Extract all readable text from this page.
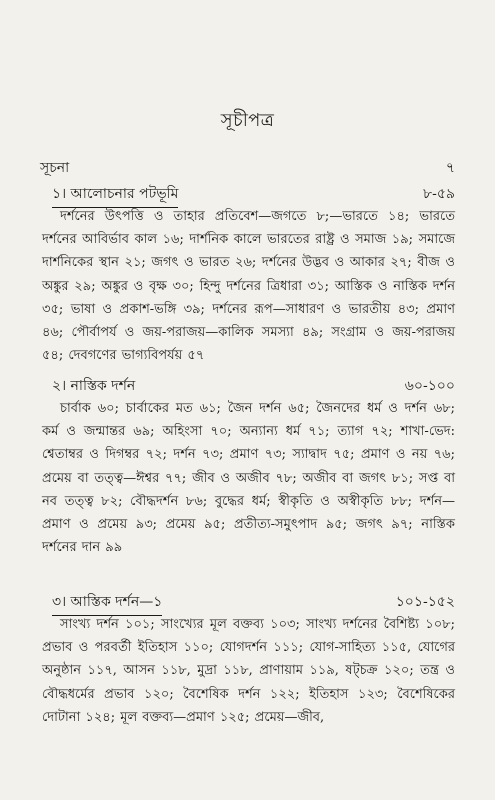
সূচীপত্র
সূচনা	৭
১। আলোচনার পটভূমি	৮-৫৯
দর্শনের উৎপত্তি ও তাহার প্রতিবেশ—জগতে ৮;—ভারতে ১৪; ভারতে দর্শনের আবির্ভাব কাল ১৬; দার্শনিক কালে ভারতের রাষ্ট্র ও সমাজ ১৯; সমাজে দার্শনিকের স্থান ২১; জগৎ ও ভারত ২৬; দর্শনের উদ্ভব ও আকার ২৭; বীজ ও অঙ্কুর ২৯; অঙ্কুর ও বৃক্ষ ৩০; হিন্দু দর্শনের ত্রিধারা ৩১; আস্তিক ও নাস্তিক দর্শন ৩৫; ভাষা ও প্রকাশ-ভঙ্গি ৩৯; দর্শনের রূপ—সাধারণ ও ভারতীয় ৪৩; প্রমাণ ৪৬; পৌর্বাপর্য ও জয়-পরাজয়—কালিক সমস্যা ৪৯; সংগ্রাম ও জয়-পরাজয় ৫৪; দেবগণের ভাগ্যবিপর্যয় ৫৭
২। নাস্তিক দর্শন	৬০-১০০
চার্বাক ৬০; চার্বাকের মত ৬১; জৈন দর্শন ৬৫; জৈনদের ধর্ম ও দর্শন ৬৮; কর্ম ও জন্মান্তর ৬৯; অহিংসা ৭০; অন্যান্য ধর্ম ৭১; ত্যাগ ৭২; শাখা-ভেদ: শ্বেতাম্বর ও দিগম্বর ৭২; দর্শন ৭৩; প্রমাণ ৭৩; স্যাদ্বাদ ৭৫; প্রমাণ ও নয় ৭৬; প্রমেয় বা তত্ত্ব—ঈশ্বর ৭৭; জীব ও অজীব ৭৮; অজীব বা জগৎ ৮১; সপ্ত বা নব তত্ত্ব ৮২; বৌদ্ধদর্শন ৮৬; বুদ্ধের ধর্ম; স্বীকৃতি ও অস্বীকৃতি ৮৮; দর্শন—প্রমাণ ও প্রমেয় ৯৩; প্রমেয় ৯৫; প্রতীত্য-সমুৎপাদ ৯৫; জগৎ ৯৭; নাস্তিক দর্শনের দান ৯৯
৩। আস্তিক দর্শন—১	১০১-১৫২
সাংখ্য দর্শন ১০১; সাংখ্যের মূল বক্তব্য ১০৩; সাংখ্য দর্শনের বৈশিষ্ট্য ১০৮; প্রভাব ও পরবর্তী ইতিহাস ১১০; যোগদর্শন ১১১; যোগ-সাহিত্য ১১৫, যোগের অনুষ্ঠান ১১৭, আসন ১১৮, মুদ্রা ১১৮, প্রাণায়াম ১১৯, ষট্‌চক্র ১২০; তন্ত্র ও বৌদ্ধধর্মের প্রভাব ১২০; বৈশেষিক দর্শন ১২২; ইতিহাস ১২৩; বৈশেষিকের দোটানা ১২৪; মূল বক্তব্য—প্রমাণ ১২৫; প্রমেয়—জীব,
